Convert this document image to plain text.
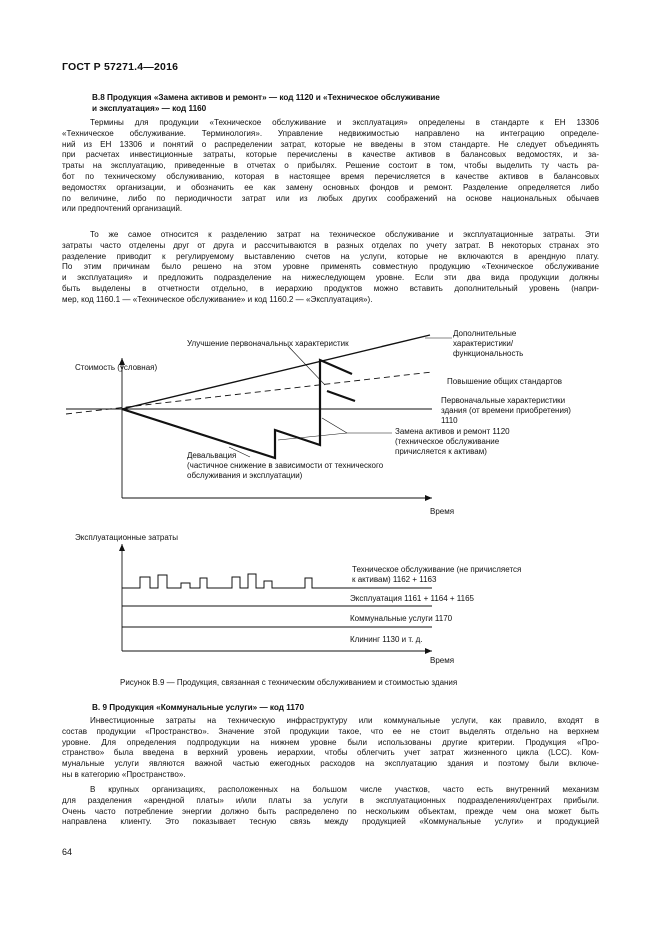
ГОСТ Р 57271.4—2016
В.8 Продукция «Замена активов и ремонт» — код 1120 и «Техническое обслуживание
и эксплуатация» — код 1160
Термины для продукции «Техническое обслуживание и эксплуатация» определены в стандарте к ЕН 13306
«Техническое обслуживание. Терминология». Управление недвижимостью направлено на интеграцию определе-
ний из ЕН 13306 и понятий о распределении затрат, которые не введены в этом стандарте. Не следует объединять
при расчетах инвестиционные затраты, которые перечислены в качестве активов в балансовых ведомостях, и за-
траты на эксплуатацию, приведенные в отчетах о прибылях. Решение состоит в том, чтобы выделить ту часть ра-
бот по техническому обслуживанию, которая в настоящее время перечисляется в качестве активов в балансовых
ведомостях организации, и обозначить ее как замену основных фондов и ремонт. Разделение определяется либо
по величине, либо по периодичности затрат или из любых других соображений на основе национальных обычаев
или предпочтений организаций.
То же самое относится к разделению затрат на техническое обслуживание и эксплуатационные затраты. Эти
затраты часто отделены друг от друга и рассчитываются в разных отделах по учету затрат. В некоторых странах это
разделение приводит к регулируемому выставлению счетов на услуги, которые не включаются в арендную плату.
По этим причинам было решено на этом уровне применять совместную продукцию «Техническое обслуживание
и эксплуатация» и предложить подразделение на нижеследующем уровне. Если эти два вида продукции должны
быть выделены в отчетности отдельно, в иерархию продуктов можно вставить дополнительный уровень (напри-
мер, код 1160.1 — «Техническое обслуживание» и код 1160.2 — «Эксплуатация»).
Стоимость (условная)
Время
Улучшение первоначальных характеристик
Дополнительные
характеристики/
функциональность
Повышение общих стандартов
Первоначальные характеристики
здания (от времени приобретения)
1110
Замена активов и ремонт 1120
(техническое обслуживание
причисляется к активам)
Девальвация
(частичное снижение в зависимости от технического
обслуживания и эксплуатации)
Эксплуатационные затраты
Время
Техническое обслуживание (не причисляется
к активам) 1162 + 1163
Эксплуатация 1161 + 1164 + 1165
Коммунальные услуги 1170
Клининг 1130 и т. д.
Рисунок В.9 — Продукция, связанная с техническим обслуживанием и стоимостью здания
В. 9 Продукция «Коммунальные услуги» — код 1170
Инвестиционные затраты на техническую инфраструктуру или коммунальные услуги, как правило, входят в
состав продукции «Пространство». Значение этой продукции такое, что ее не стоит выделять отдельно на верхнем
уровне. Для определения подпродукции на нижнем уровне были использованы другие критерии. Продукция «Про-
странство» была введена в верхний уровень иерархии, чтобы облегчить учет затрат жизненного цикла (LCC). Ком-
мунальные услуги являются важной частью ежегодных расходов на эксплуатацию здания и поэтому были включе-
ны в категорию «Пространство».
В крупных организациях, расположенных на большом числе участков, часто есть внутренний механизм
для разделения «арендной платы» и/или платы за услуги в эксплуатационных подразделениях/центрах прибыли.
Очень часто потребление энергии должно быть распределено по нескольким объектам, прежде чем она может быть
направлена клиенту. Это показывает тесную связь между продукцией «Коммунальные услуги» и продукцией
64
